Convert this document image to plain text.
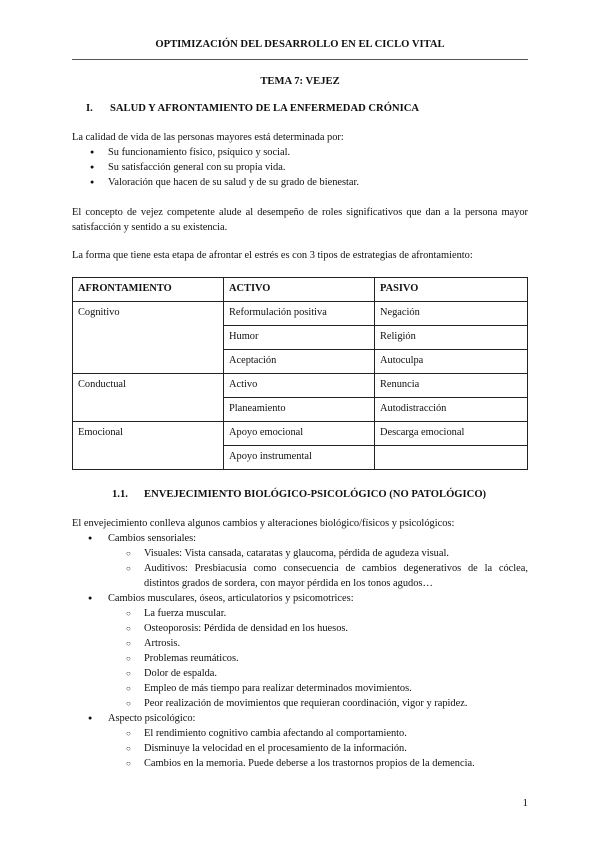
OPTIMIZACIÓN DEL DESARROLLO EN EL CICLO VITAL
TEMA 7: VEJEZ
I. SALUD Y AFRONTAMIENTO DE LA ENFERMEDAD CRÓNICA
La calidad de vida de las personas mayores está determinada por:
● Su funcionamiento físico, psíquico y social.
● Su satisfacción general con su propia vida.
● Valoración que hacen de su salud y de su grado de bienestar.
El concepto de vejez competente alude al desempeño de roles significativos que dan a la persona mayor satisfacción y sentido a su existencia.
La forma que tiene esta etapa de afrontar el estrés es con 3 tipos de estrategias de afrontamiento:
AFRONTAMIENTO	ACTIVO	PASIVO
Cognitivo	Reformulación positiva	Negación
	Humor	Religión
	Aceptación	Autoculpa
Conductual	Activo	Renuncia
	Planeamiento	Autodistracción
Emocional	Apoyo emocional	Descarga emocional
	Apoyo instrumental	
1.1. ENVEJECIMIENTO BIOLÓGICO-PSICOLÓGICO (NO PATOLÓGICO)
El envejecimiento conlleva algunos cambios y alteraciones biológico/físicos y psicológicos:
● Cambios sensoriales:
○ Visuales: Vista cansada, cataratas y glaucoma, pérdida de agudeza visual.
○ Auditivos: Presbiacusia como consecuencia de cambios degenerativos de la cóclea, distintos grados de sordera, con mayor pérdida en los tonos agudos…
● Cambios musculares, óseos, articulatorios y psicomotrices:
○ La fuerza muscular.
○ Osteoporosis: Pérdida de densidad en los huesos.
○ Artrosis.
○ Problemas reumáticos.
○ Dolor de espalda.
○ Empleo de más tiempo para realizar determinados movimientos.
○ Peor realización de movimientos que requieran coordinación, vigor y rapidez.
● Aspecto psicológico:
○ El rendimiento cognitivo cambia afectando al comportamiento.
○ Disminuye la velocidad en el procesamiento de la información.
○ Cambios en la memoria. Puede deberse a los trastornos propios de la demencia.
1
